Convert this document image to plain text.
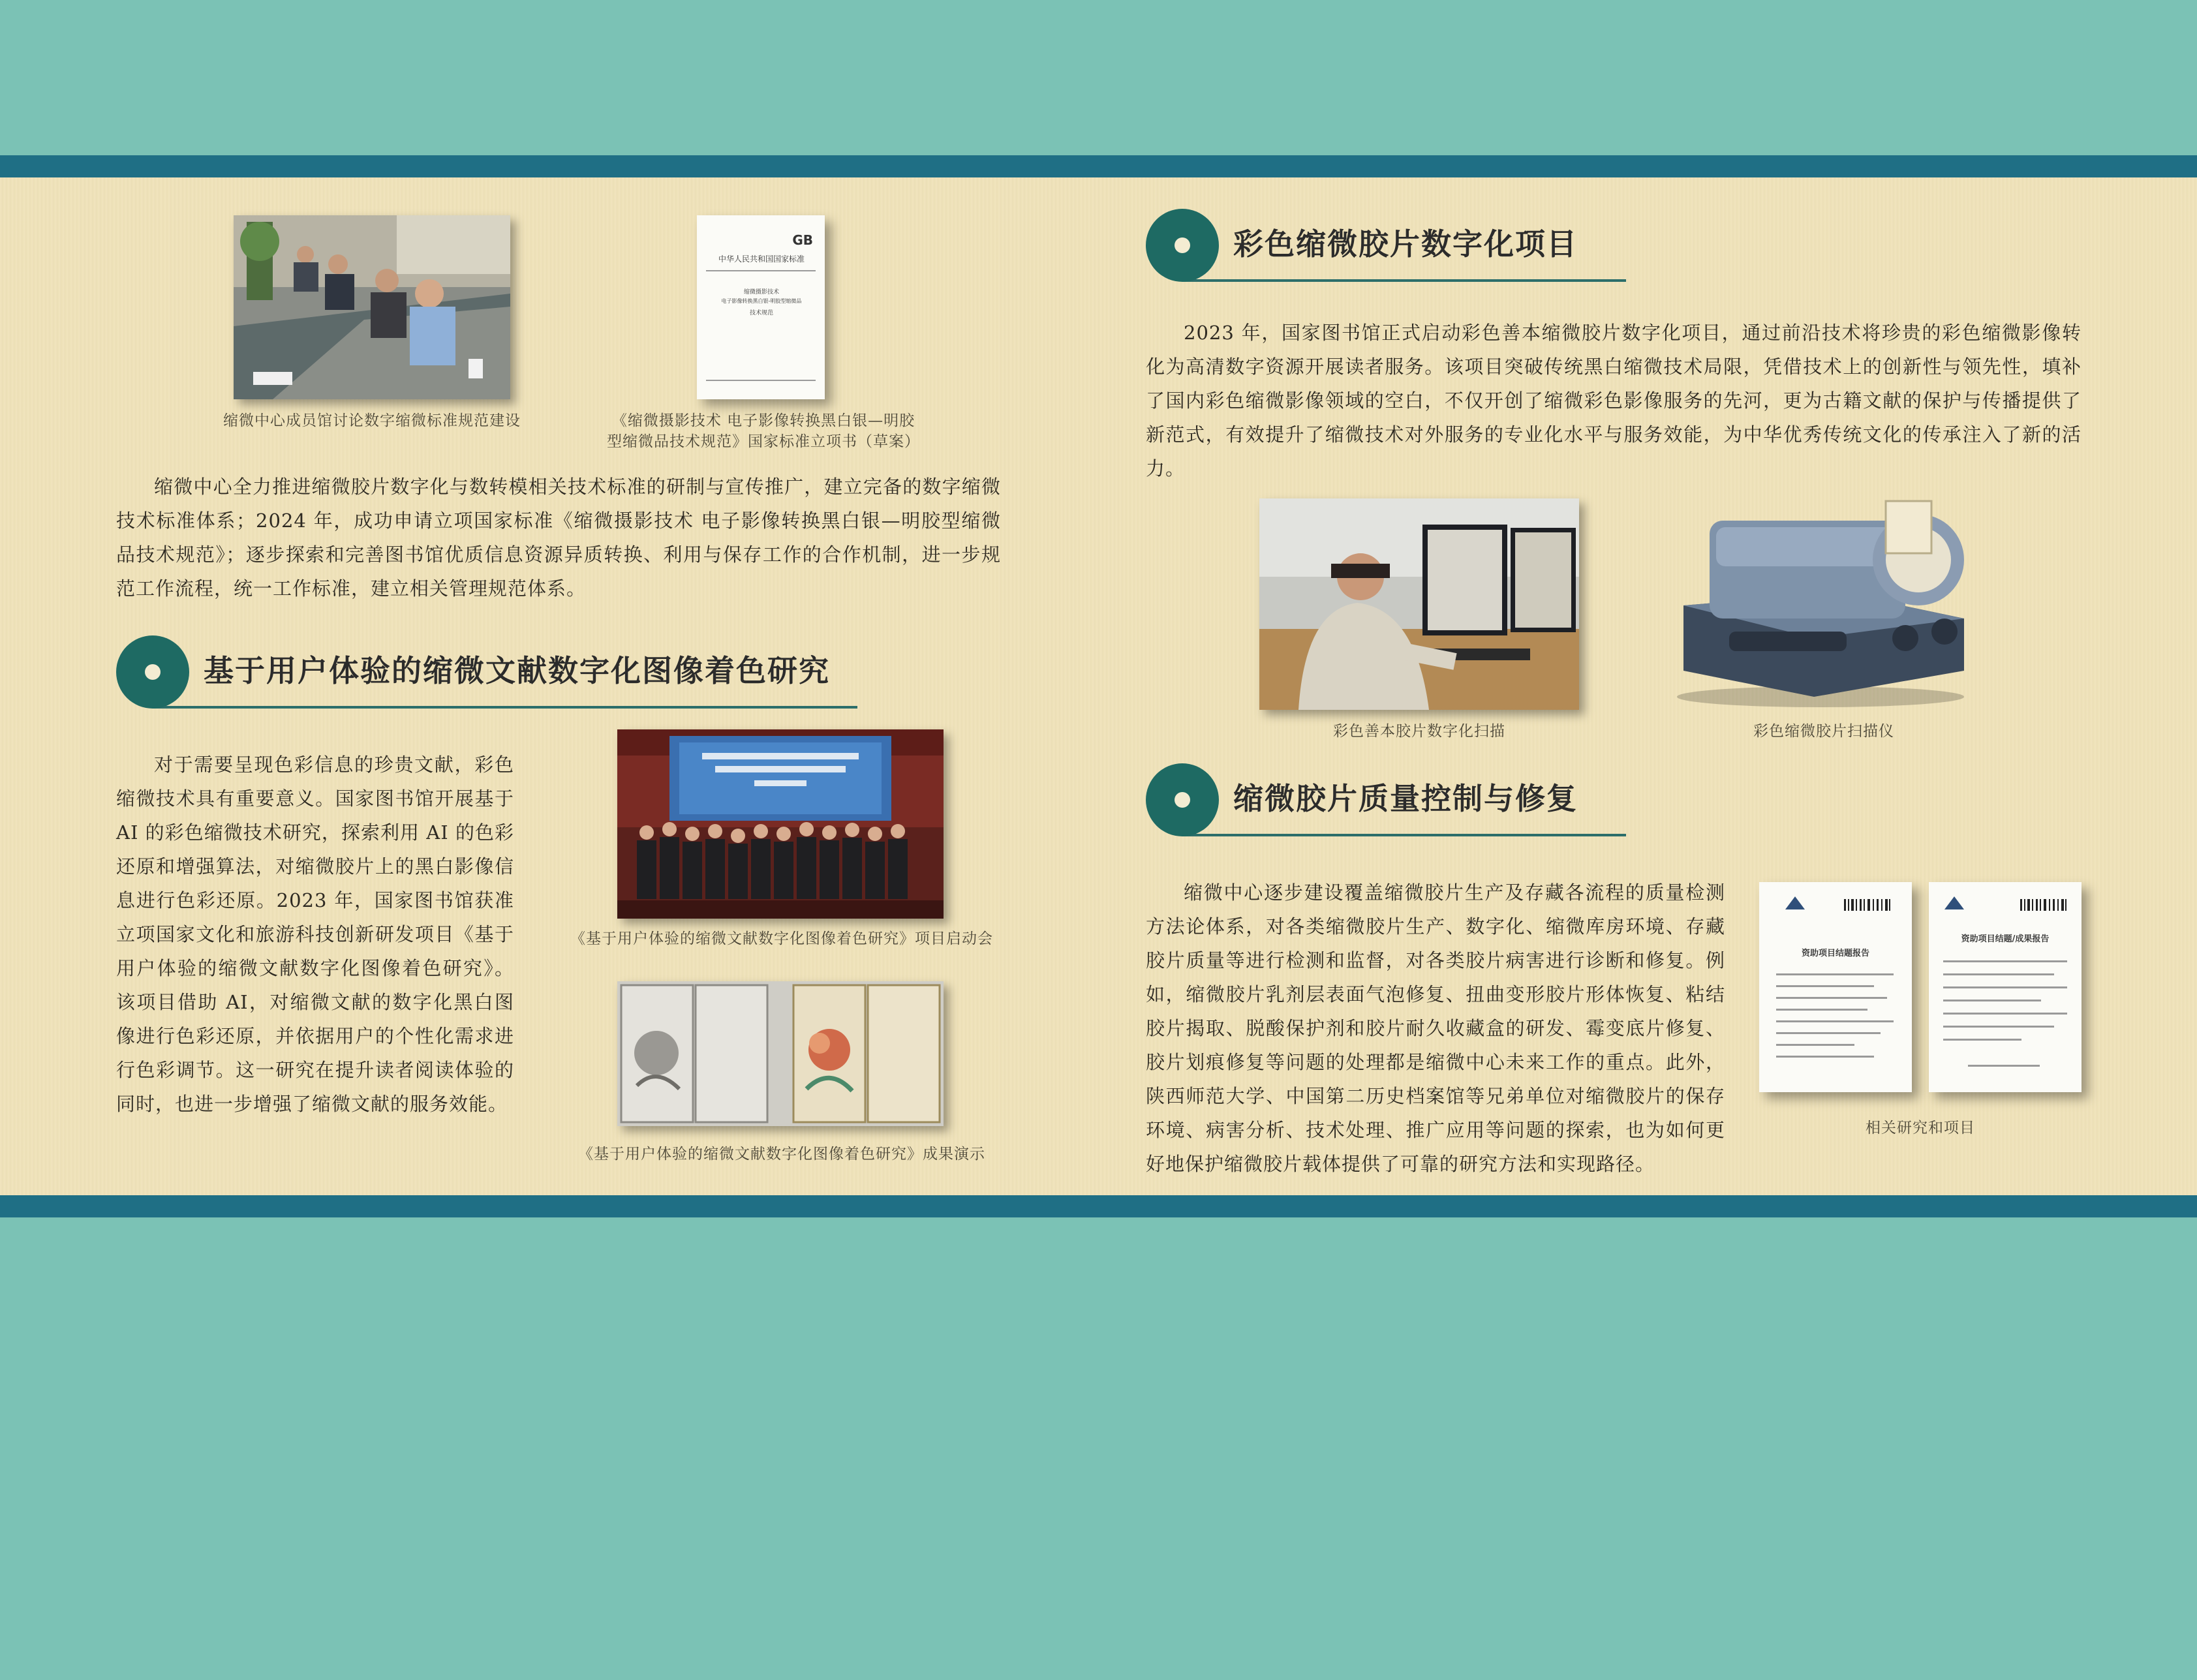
缩微中心成员馆讨论数字缩微标准规范建设
GB
中华人民共和国国家标准
缩微摄影技术
电子影像转换黑白银-明胶型缩微品
技术规范
《缩微摄影技术 电子影像转换黑白银—明胶
型缩微品技术规范》国家标准立项书（草案）
缩微中心全力推进缩微胶片数字化与数转模相关技术标准的研制与宣传推广，建立完备的数字缩微技术标准体系；2024 年，成功申请立项国家标准《缩微摄影技术 电子影像转换黑白银—明胶型缩微品技术规范》；逐步探索和完善图书馆优质信息资源异质转换、利用与保存工作的合作机制，进一步规范工作流程，统一工作标准，建立相关管理规范体系。
基于用户体验的缩微文献数字化图像着色研究
对于需要呈现色彩信息的珍贵文献，彩色缩微技术具有重要意义。国家图书馆开展基于 AI 的彩色缩微技术研究，探索利用 AI 的色彩还原和增强算法，对缩微胶片上的黑白影像信息进行色彩还原。2023 年，国家图书馆获准立项国家文化和旅游科技创新研发项目《基于用户体验的缩微文献数字化图像着色研究》。该项目借助 AI，对缩微文献的数字化黑白图像进行色彩还原，并依据用户的个性化需求进行色彩调节。这一研究在提升读者阅读体验的同时，也进一步增强了缩微文献的服务效能。
《基于用户体验的缩微文献数字化图像着色研究》项目启动会
《基于用户体验的缩微文献数字化图像着色研究》成果演示
彩色缩微胶片数字化项目
2023 年，国家图书馆正式启动彩色善本缩微胶片数字化项目，通过前沿技术将珍贵的彩色缩微影像转化为高清数字资源开展读者服务。该项目突破传统黑白缩微技术局限，凭借技术上的创新性与领先性，填补了国内彩色缩微影像领域的空白，不仅开创了缩微彩色影像服务的先河，更为古籍文献的保护与传播提供了新范式，有效提升了缩微技术对外服务的专业化水平与服务效能，为中华优秀传统文化的传承注入了新的活力。
彩色善本胶片数字化扫描	彩色缩微胶片扫描仪
缩微胶片质量控制与修复
缩微中心逐步建设覆盖缩微胶片生产及存藏各流程的质量检测方法论体系，对各类缩微胶片生产、数字化、缩微库房环境、存藏胶片质量等进行检测和监督，对各类胶片病害进行诊断和修复。例如，缩微胶片乳剂层表面气泡修复、扭曲变形胶片形体恢复、粘结胶片揭取、脱酸保护剂和胶片耐久收藏盒的研发、霉变底片修复、胶片划痕修复等问题的处理都是缩微中心未来工作的重点。此外，陕西师范大学、中国第二历史档案馆等兄弟单位对缩微胶片的保存环境、病害分析、技术处理、推广应用等问题的探索，也为如何更好地保护缩微胶片载体提供了可靠的研究方法和实现路径。
资助项目结题报告
资助项目结题/成果报告
相关研究和项目
